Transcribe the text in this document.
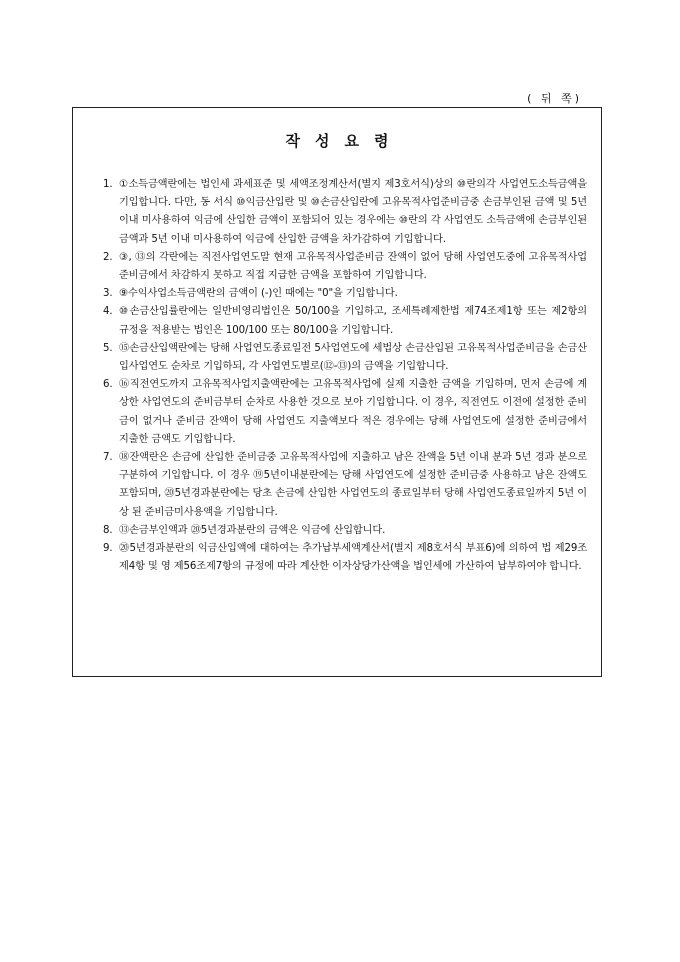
( 뒤 쪽)
작성요령
1. ①소득금액란에는 법인세 과세표준 및 세액조정계산서(별지 제3호서식)상의 ⑩란의각 사업연도소득금액을 기입합니다. 다만, 동 서식 ⑩익금산입란 및 ⑩손금산입란에 고유목적사업준비금중 손금부인된 금액 및 5년 이내 미사용하여 익금에 산입한 금액이 포함되어 있는 경우에는 ⑩란의 각 사업연도 소득금액에 손금부인된 금액과 5년 이내 미사용하여 익금에 산입한 금액을 차가감하여 기입합니다.
2. ③, ⑬의 각란에는 직전사업연도말 현재 고유목적사업준비금 잔액이 없어 당해 사업연도중에 고유목적사업준비금에서 차감하지 못하고 직접 지급한 금액을 포함하여 기입합니다.
3. ⑨수익사업소득금액란의 금액이 (-)인 때에는 "0"을 기입합니다.
4. ⑩손금산입률란에는 일반비영리법인은 50/100을 기입하고, 조세특례제한법 제74조제1항 또는 제2항의 규정을 적용받는 법인은 100/100 또는 80/100을 기입합니다.
5. ⑮손금산입액란에는 당해 사업연도종료일전 5사업연도에 세법상 손금산입된 고유목적사업준비금을 손금산입사업연도 순차로 기입하되, 각 사업연도별로(⑫-⑬)의 금액을 기입합니다.
6. ⑯직전연도까지 고유목적사업지출액란에는 고유목적사업에 실제 지출한 금액을 기입하며, 먼저 손금에 계상한 사업연도의 준비금부터 순차로 사용한 것으로 보아 기입합니다. 이 경우, 직전연도 이전에 설정한 준비금이 없거나 준비금 잔액이 당해 사업연도 지출액보다 적은 경우에는 당해 사업연도에 설정한 준비금에서 지출한 금액도 기입합니다.
7. ⑱잔액란은 손금에 산입한 준비금중 고유목적사업에 지출하고 남은 잔액을 5년 이내 분과 5년 경과 분으로 구분하여 기입합니다. 이 경우 ⑲5년이내분란에는 당해 사업연도에 설정한 준비금중 사용하고 남은 잔액도 포함되며, ⑳5년경과분란에는 당초 손금에 산입한 사업연도의 종료일부터 당해 사업연도종료일까지 5년 이상 된 준비금미사용액을 기입합니다.
8. ⑬손금부인액과 ⑳5년경과분란의 금액은 익금에 산입합니다.
9. ⑳5년경과분란의 익금산입액에 대하여는 추가납부세액계산서(별지 제8호서식 부표6)에 의하여 법 제29조제4항 및 영 제56조제7항의 규정에 따라 계산한 이자상당가산액을 법인세에 가산하여 납부하여야 합니다.
